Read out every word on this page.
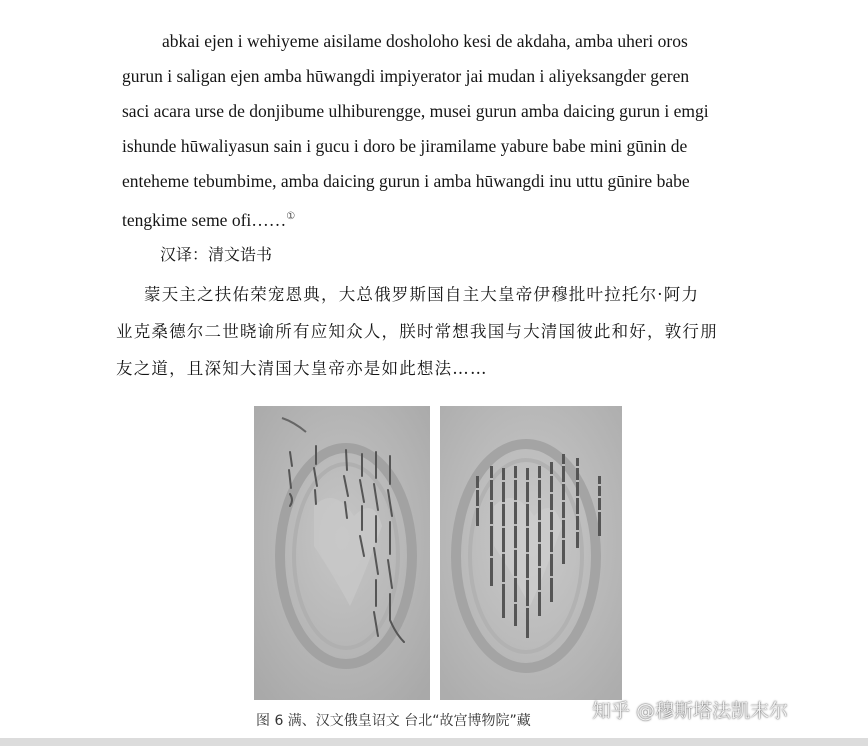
abkai ejen i wehiyeme aisilame dosholoho kesi de akdaha, amba uheri oros
gurun i saligan ejen amba hūwangdi impiyerator jai mudan i aliyeksangder geren
saci acara urse de donjibume ulhiburengge, musei gurun amba daicing gurun i emgi
ishunde hūwaliyasun sain i gucu i doro be jiramilame yabure babe mini gūnin de
enteheme tebumbime, amba daicing gurun i amba hūwangdi inu uttu gūnire babe
tengkime seme ofi……①
汉译：清文诰书
蒙天主之扶佑荣宠恩典，大总俄罗斯国自主大皇帝伊穆批叶拉托尔·阿力
业克桑德尔二世晓谕所有应知众人，朕时常想我国与大清国彼此和好，敦行朋
友之道，且深知大清国大皇帝亦是如此想法……
图 6 满、汉文俄皇诏文 台北“故宫博物院”藏	知乎 @穆斯塔法凯末尔
